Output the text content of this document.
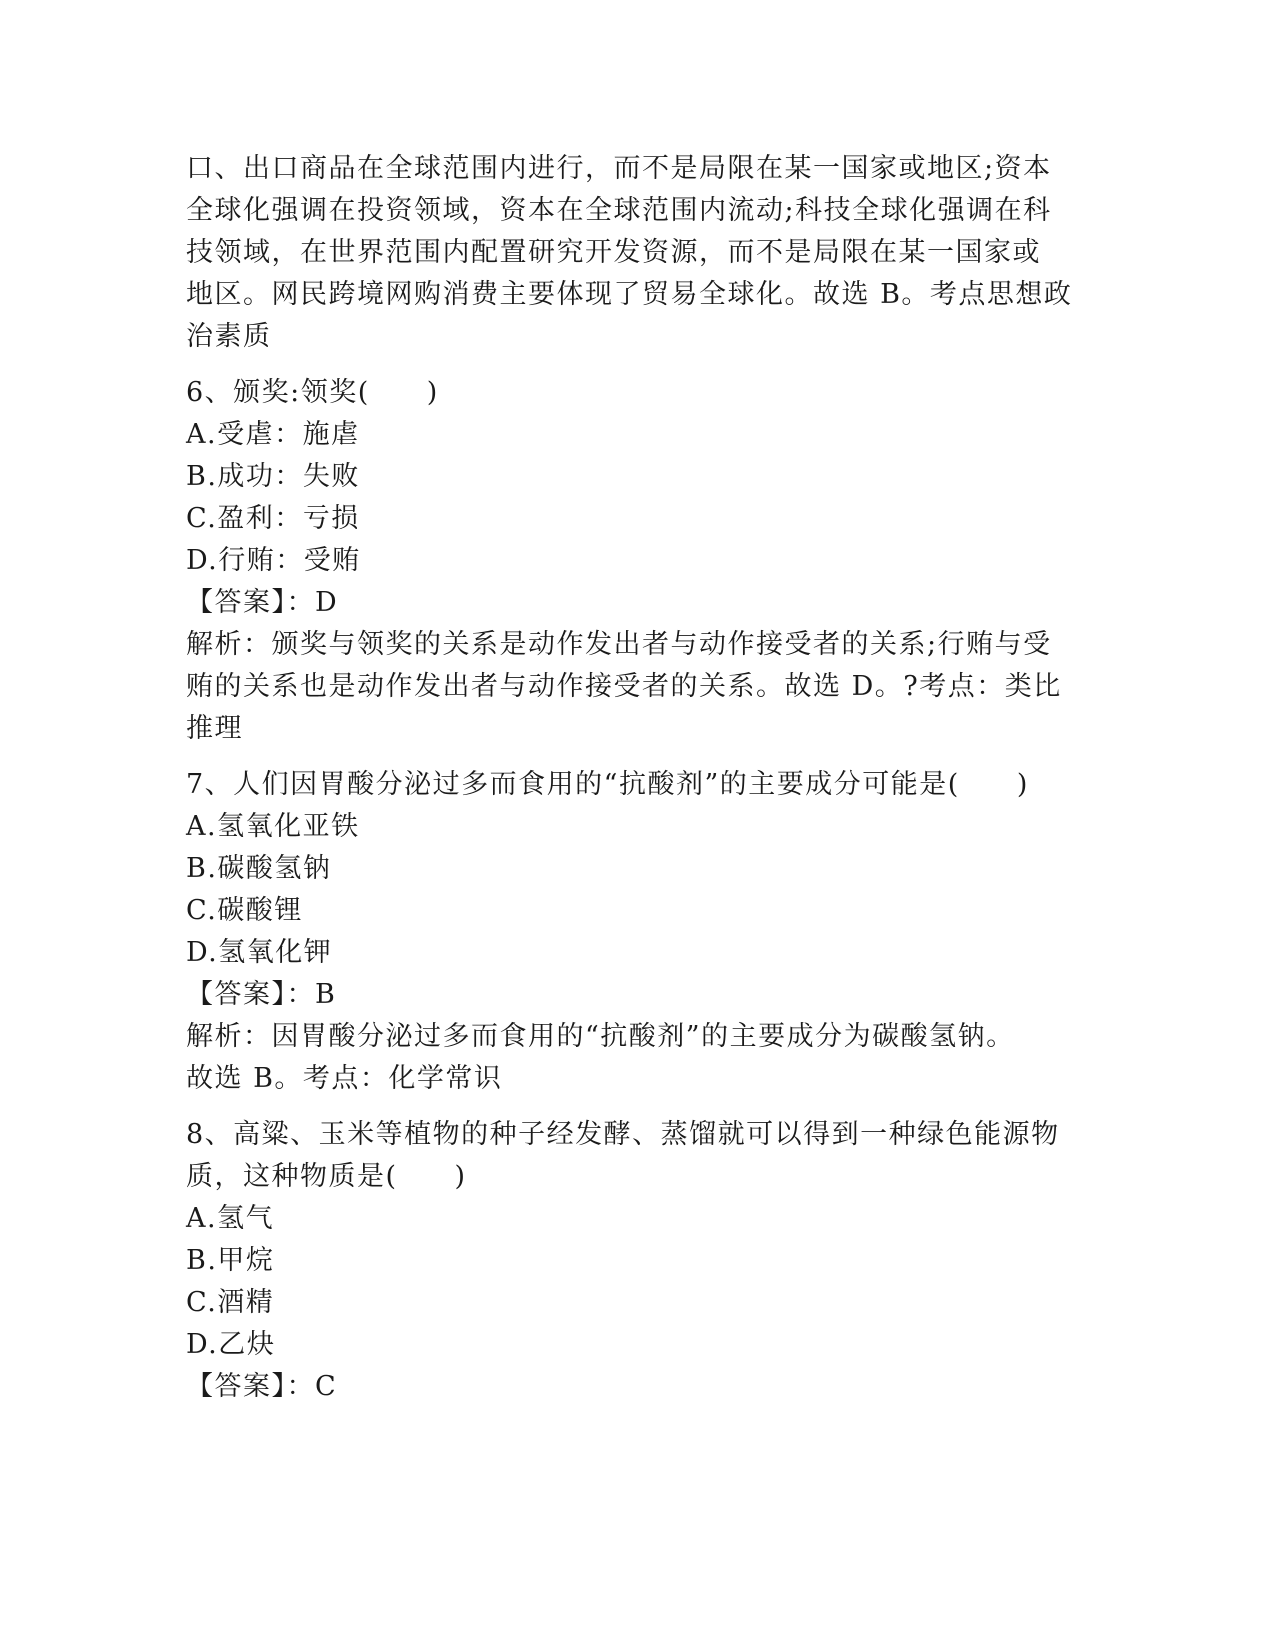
口、出口商品在全球范围内进行，而不是局限在某一国家或地区;资本
全球化强调在投资领域，资本在全球范围内流动;科技全球化强调在科
技领域，在世界范围内配置研究开发资源，而不是局限在某一国家或
地区。网民跨境网购消费主要体现了贸易全球化。故选 B。考点思想政
治素质
6、颁奖:领奖(　　)
A.受虐：施虐
B.成功：失败
C.盈利：亏损
D.行贿：受贿
【答案】：D
解析：颁奖与领奖的关系是动作发出者与动作接受者的关系;行贿与受
贿的关系也是动作发出者与动作接受者的关系。故选 D。?考点：类比
推理
7、人们因胃酸分泌过多而食用的“抗酸剂”的主要成分可能是(　　)
A.氢氧化亚铁
B.碳酸氢钠
C.碳酸锂
D.氢氧化钾
【答案】：B
解析：因胃酸分泌过多而食用的“抗酸剂”的主要成分为碳酸氢钠。
故选 B。考点：化学常识
8、高粱、玉米等植物的种子经发酵、蒸馏就可以得到一种绿色能源物
质，这种物质是(　　)
A.氢气
B.甲烷
C.酒精
D.乙炔
【答案】：C
